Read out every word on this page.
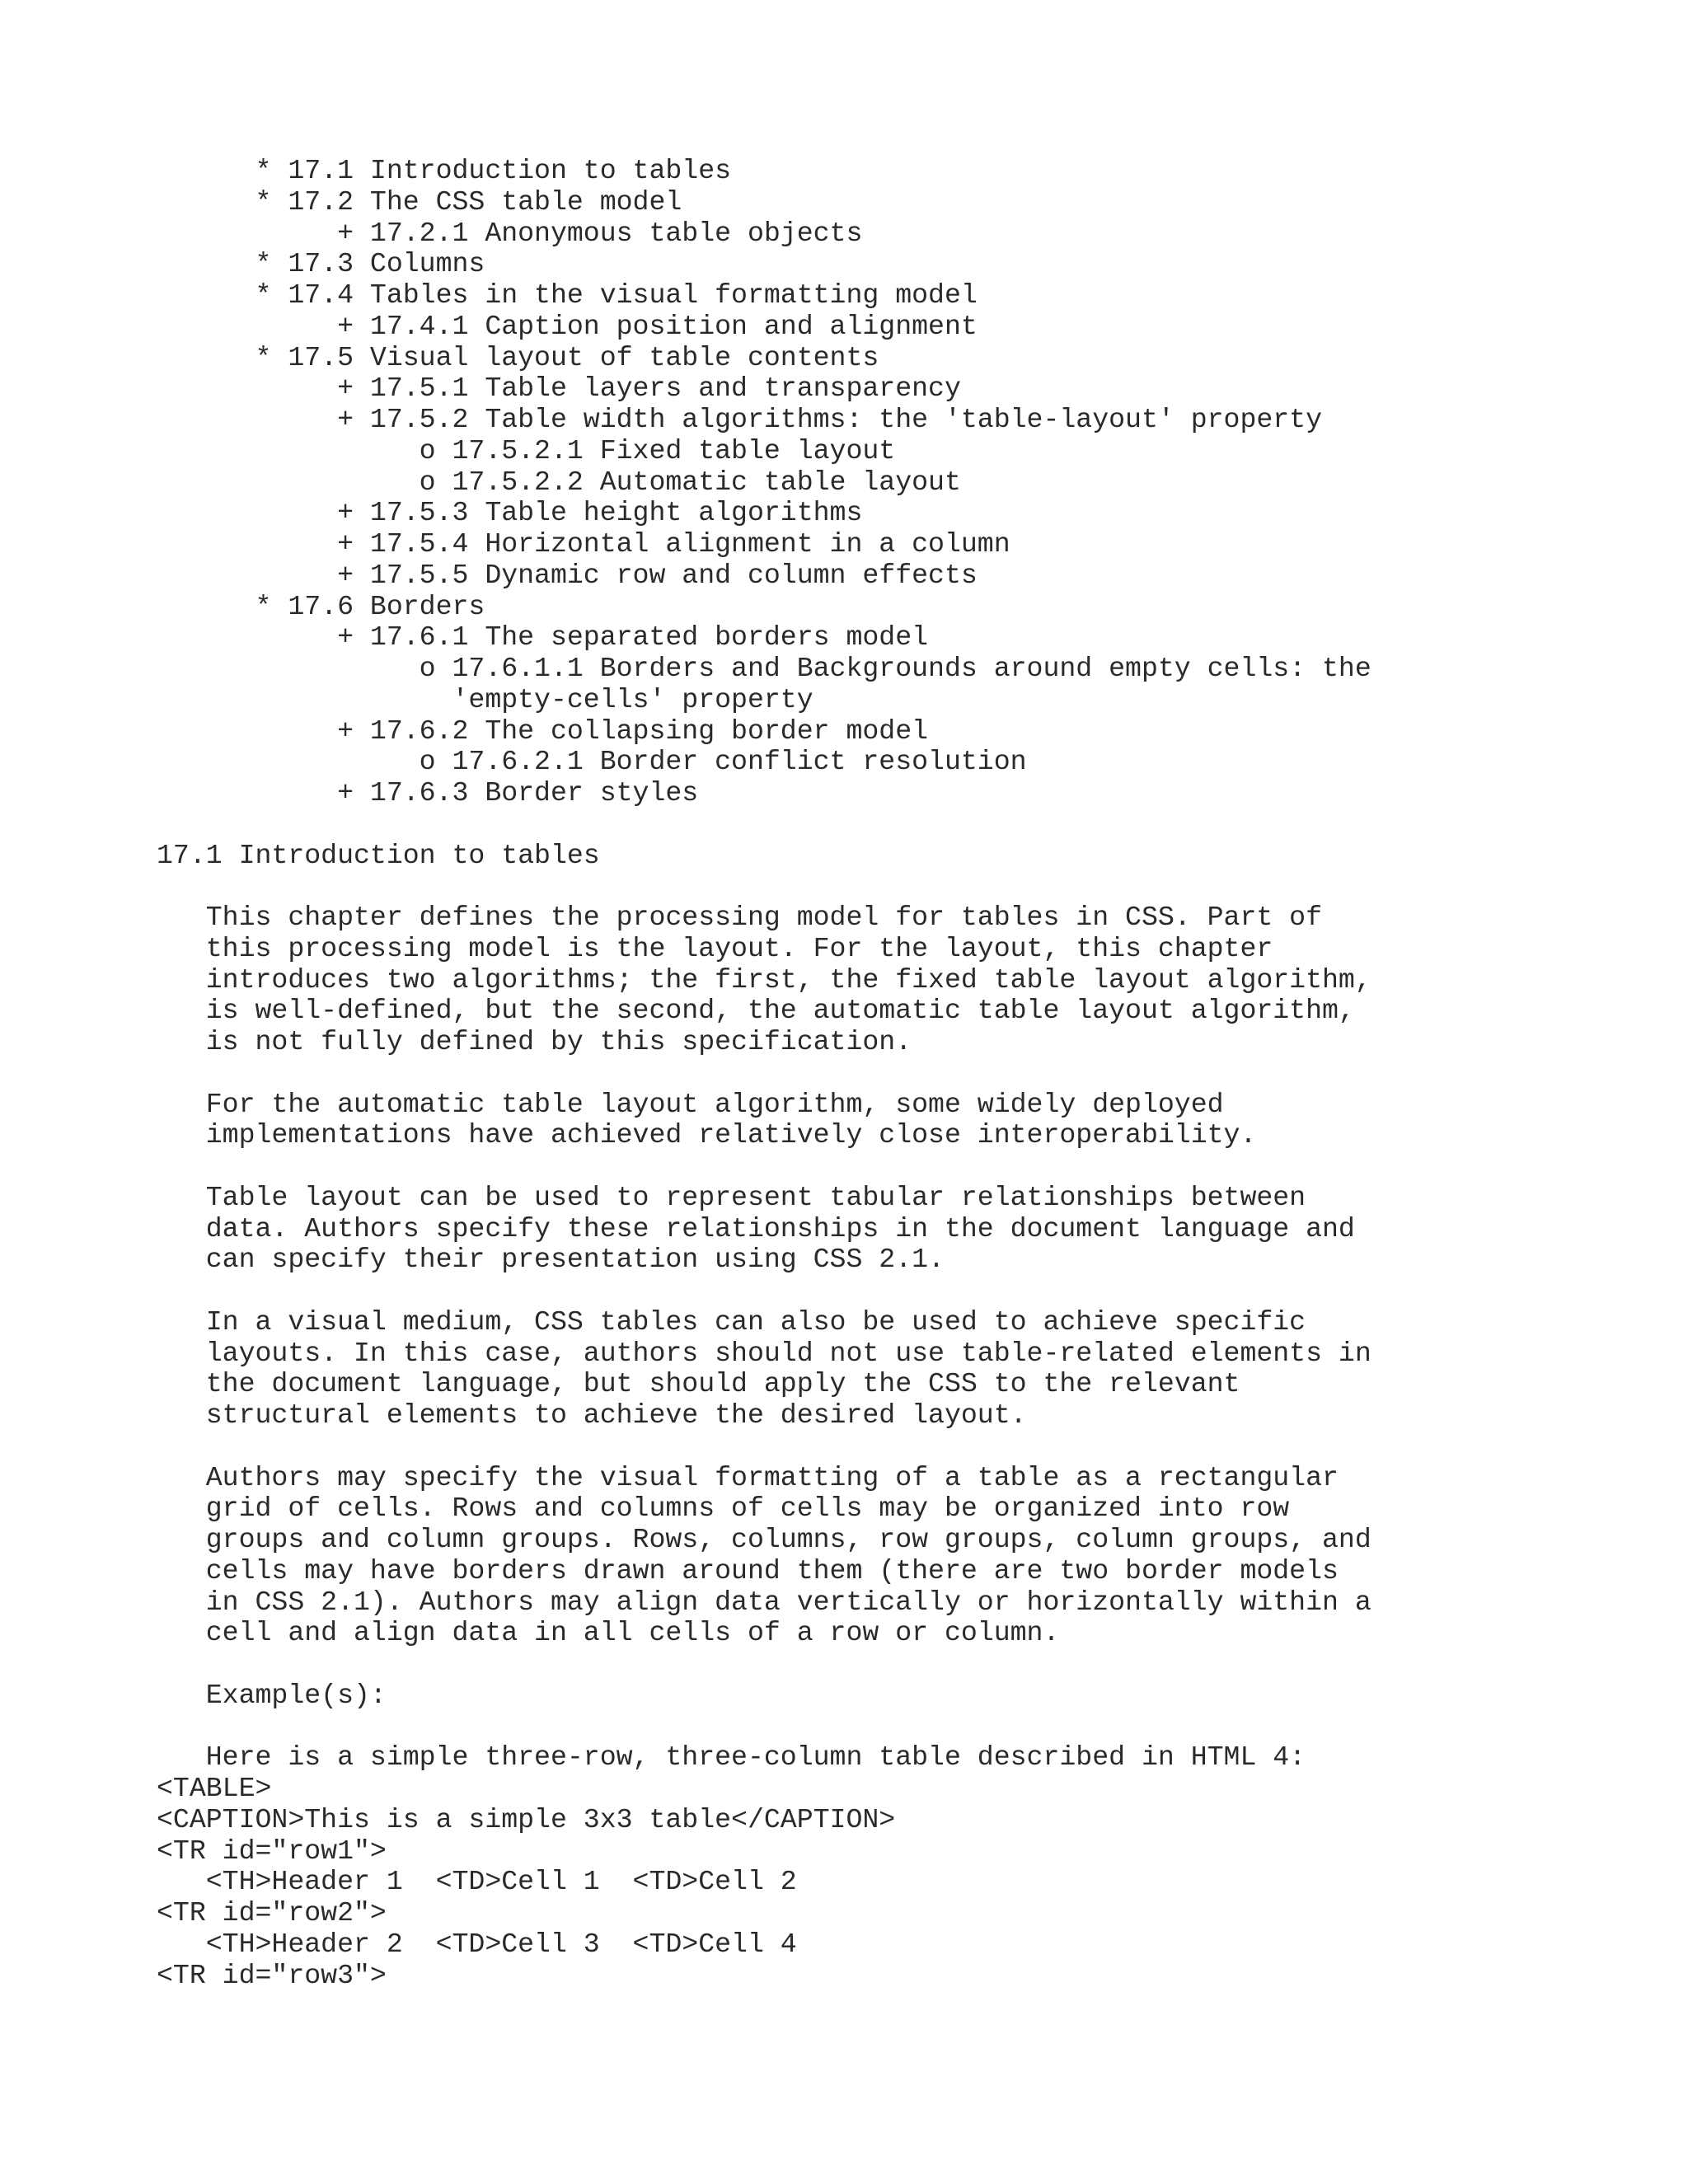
* 17.1 Introduction to tables
* 17.2 The CSS table model
+ 17.2.1 Anonymous table objects
* 17.3 Columns
* 17.4 Tables in the visual formatting model
+ 17.4.1 Caption position and alignment
* 17.5 Visual layout of table contents
+ 17.5.1 Table layers and transparency
+ 17.5.2 Table width algorithms: the 'table-layout' property
o 17.5.2.1 Fixed table layout
o 17.5.2.2 Automatic table layout
+ 17.5.3 Table height algorithms
+ 17.5.4 Horizontal alignment in a column
+ 17.5.5 Dynamic row and column effects
* 17.6 Borders
+ 17.6.1 The separated borders model
o 17.6.1.1 Borders and Backgrounds around empty cells: the
'empty-cells' property
+ 17.6.2 The collapsing border model
o 17.6.2.1 Border conflict resolution
+ 17.6.3 Border styles

17.1 Introduction to tables

This chapter defines the processing model for tables in CSS. Part of
this processing model is the layout. For the layout, this chapter
introduces two algorithms; the first, the fixed table layout algorithm,
is well-defined, but the second, the automatic table layout algorithm,
is not fully defined by this specification.

For the automatic table layout algorithm, some widely deployed
implementations have achieved relatively close interoperability.

Table layout can be used to represent tabular relationships between
data. Authors specify these relationships in the document language and
can specify their presentation using CSS 2.1.

In a visual medium, CSS tables can also be used to achieve specific
layouts. In this case, authors should not use table-related elements in
the document language, but should apply the CSS to the relevant
structural elements to achieve the desired layout.

Authors may specify the visual formatting of a table as a rectangular
grid of cells. Rows and columns of cells may be organized into row
groups and column groups. Rows, columns, row groups, column groups, and
cells may have borders drawn around them (there are two border models
in CSS 2.1). Authors may align data vertically or horizontally within a
cell and align data in all cells of a row or column.

Example(s):

Here is a simple three-row, three-column table described in HTML 4:
<TABLE>
<CAPTION>This is a simple 3x3 table</CAPTION>
<TR id="row1">
<TH>Header 1  <TD>Cell 1  <TD>Cell 2
<TR id="row2">
<TH>Header 2  <TD>Cell 3  <TD>Cell 4
<TR id="row3">
